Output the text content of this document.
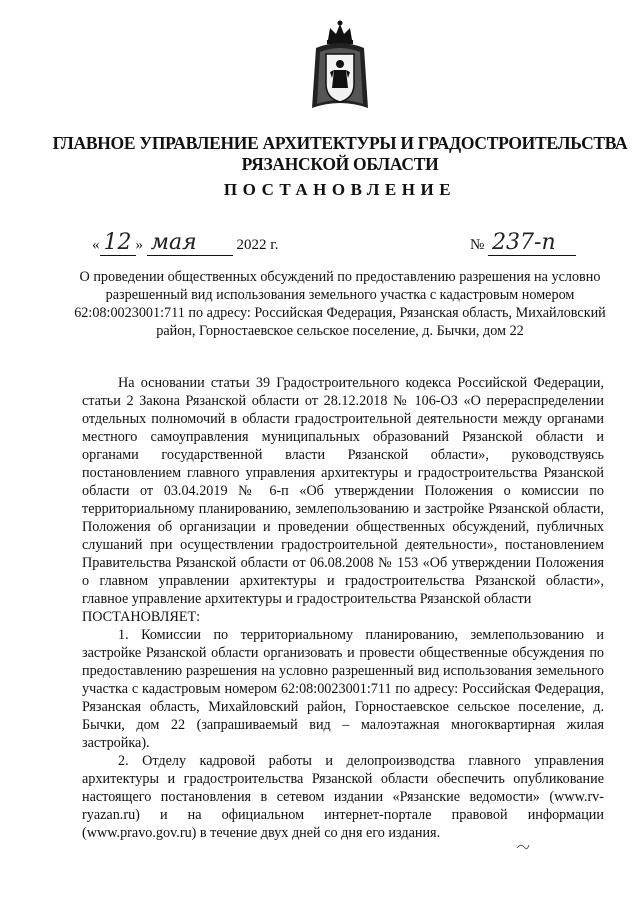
ГЛАВНОЕ УПРАВЛЕНИЕ АРХИТЕКТУРЫ И ГРАДОСТРОИТЕЛЬСТВА
РЯЗАНСКОЙ ОБЛАСТИ
ПОСТАНОВЛЕНИЕ
« 12 » мая	2022 г.	№ 237-п
О проведении общественных обсуждений по предоставлению разрешения на условно разрешенный вид использования земельного участка с кадастровым номером 62:08:0023001:711 по адресу: Российская Федерация, Рязанская область, Михайловский район, Горностаевское сельское поселение, д. Бычки, дом 22

На основании статьи 39 Градостроительного кодекса Российской Федерации, статьи 2 Закона Рязанской области от 28.12.2018 № 106-ОЗ «О перераспределении отдельных полномочий в области градостроительной деятельности между органами местного самоуправления муниципальных образований Рязанской области и органами государственной власти Рязанской области», руководствуясь постановлением главного управления архитектуры и градостроительства Рязанской области от 03.04.2019 № 6-п «Об утверждении Положения о комиссии по территориальному планированию, землепользованию и застройке Рязанской области, Положения об организации и проведении общественных обсуждений, публичных слушаний при осуществлении градостроительной деятельности», постановлением Правительства Рязанской области от 06.08.2008 № 153 «Об утверждении Положения о главном управлении архитектуры и градостроительства Рязанской области», главное управление архитектуры и градостроительства Рязанской области

ПОСТАНОВЛЯЕТ:

1. Комиссии по территориальному планированию, землепользованию и застройке Рязанской области организовать и провести общественные обсуждения по предоставлению разрешения на условно разрешенный вид использования земельного участка с кадастровым номером 62:08:0023001:711 по адресу: Российская Федерация, Рязанская область, Михайловский район, Горностаевское сельское поселение, д. Бычки, дом 22 (запрашиваемый вид – малоэтажная многоквартирная жилая застройка).

2. Отделу кадровой работы и делопроизводства главного управления архитектуры и градостроительства Рязанской области обеспечить опубликование настоящего постановления в сетевом издании «Рязанские ведомости» (www.rv-ryazan.ru) и на официальном интернет-портале правовой информации (www.pravo.gov.ru) в течение двух дней со дня его издания.
